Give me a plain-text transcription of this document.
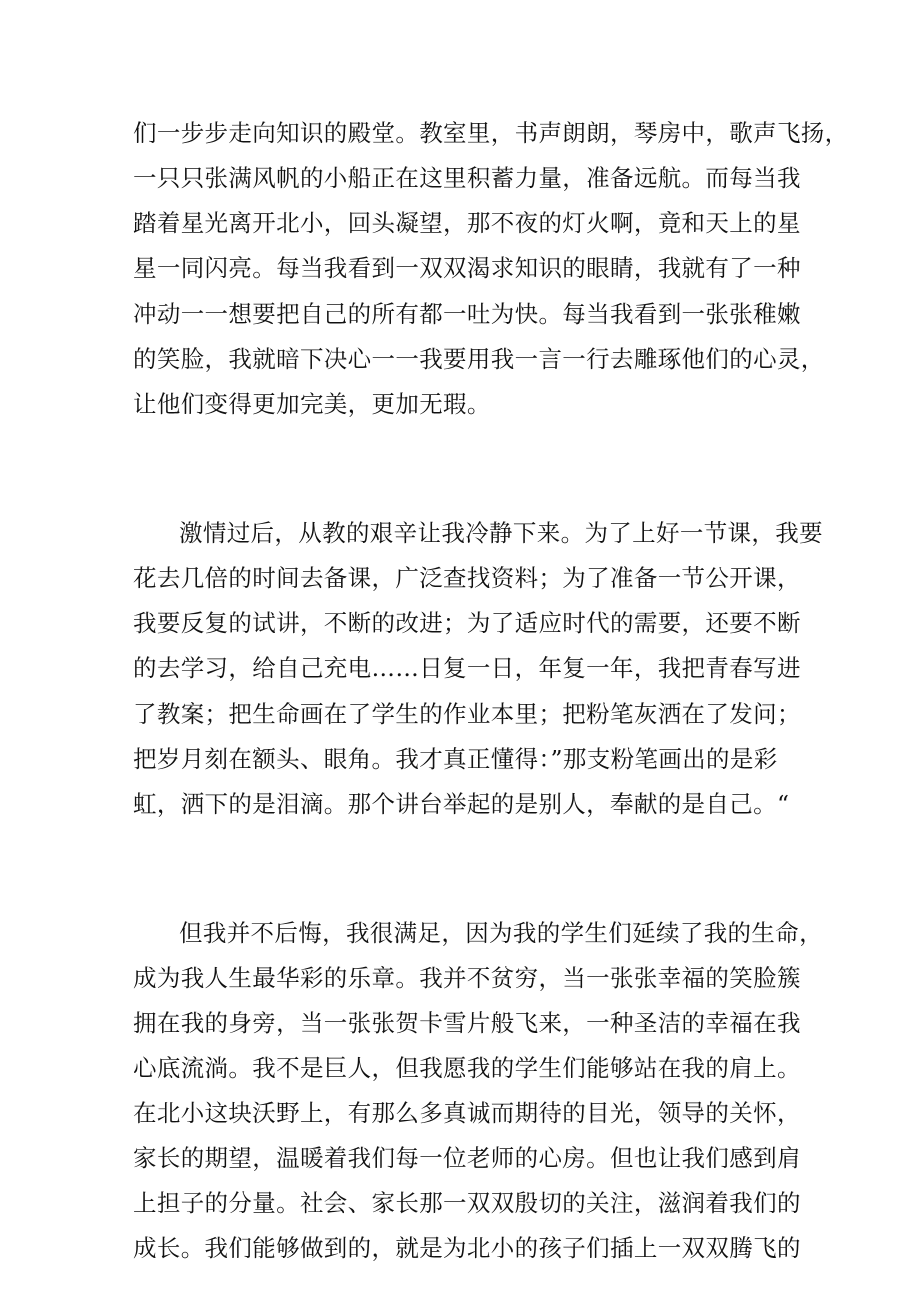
们一步步走向知识的殿堂。教室里，书声朗朗，琴房中，歌声飞扬，
一只只张满风帆的小船正在这里积蓄力量，准备远航。而每当我
踏着星光离开北小，回头凝望，那不夜的灯火啊，竟和天上的星
星一同闪亮。每当我看到一双双渴求知识的眼睛，我就有了一种
冲动一一想要把自己的所有都一吐为快。每当我看到一张张稚嫩
的笑脸，我就暗下决心一一我要用我一言一行去雕琢他们的心灵，
让他们变得更加完美，更加无瑕。
激情过后，从教的艰辛让我冷静下来。为了上好一节课，我要
花去几倍的时间去备课，广泛查找资料；为了准备一节公开课，
我要反复的试讲，不断的改进；为了适应时代的需要，还要不断
的去学习，给自己充电……日复一日，年复一年，我把青春写进
了教案；把生命画在了学生的作业本里；把粉笔灰洒在了发问；
把岁月刻在额头、眼角。我才真正懂得：”那支粉笔画出的是彩
虹，洒下的是泪滴。那个讲台举起的是别人，奉献的是自己。“
但我并不后悔，我很满足，因为我的学生们延续了我的生命，
成为我人生最华彩的乐章。我并不贫穷，当一张张幸福的笑脸簇
拥在我的身旁，当一张张贺卡雪片般飞来，一种圣洁的幸福在我
心底流淌。我不是巨人，但我愿我的学生们能够站在我的肩上。
在北小这块沃野上，有那么多真诚而期待的目光，领导的关怀，
家长的期望，温暖着我们每一位老师的心房。但也让我们感到肩
上担子的分量。社会、家长那一双双殷切的关注，滋润着我们的
成长。我们能够做到的，就是为北小的孩子们插上一双双腾飞的
